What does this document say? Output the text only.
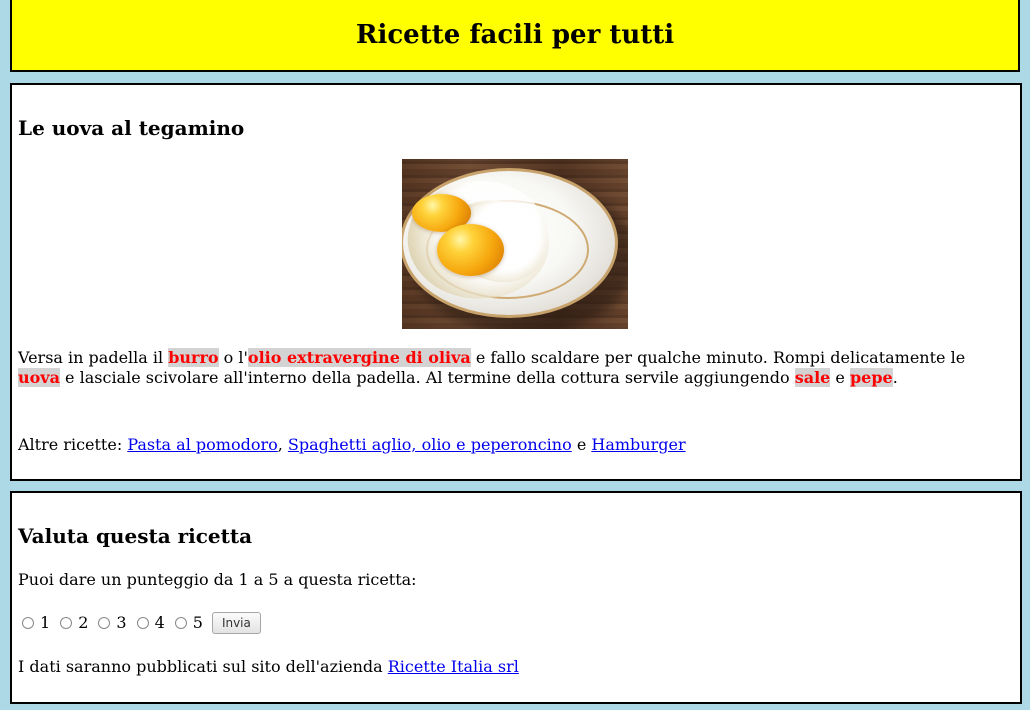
Ricette facili per tutti
Le uova al tegamino

Versa in padella il burro o l'olio extravergine di oliva e fallo scaldare per qualche minuto. Rompi delicatamente le uova e lasciale scivolare all'interno della padella. Al termine della cottura servile aggiungendo sale e pepe.

Altre ricette: Pasta al pomodoro, Spaghetti aglio, olio e peperoncino e Hamburger

Valuta questa ricetta

Puoi dare un punteggio da 1 a 5 a questa ricetta:

1 2 3 4 5	Invia

I dati saranno pubblicati sul sito dell'azienda Ricette Italia srl
